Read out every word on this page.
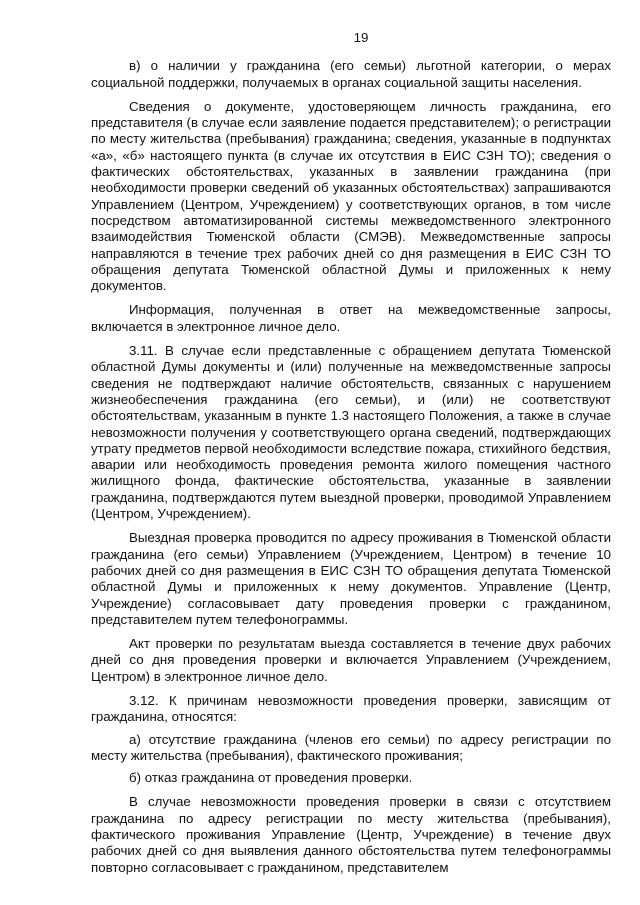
19

в) о наличии у гражданина (его семьи) льготной категории, о мерах социальной поддержки, получаемых в органах социальной защиты населения.

Сведения о документе, удостоверяющем личность гражданина, его представителя (в случае если заявление подается представителем); о регистрации по месту жительства (пребывания) гражданина; сведения, указанные в подпунктах «а», «б» настоящего пункта (в случае их отсутствия в ЕИС СЗН ТО); сведения о фактических обстоятельствах, указанных в заявлении гражданина (при необходимости проверки сведений об указанных обстоятельствах) запрашиваются Управлением (Центром, Учреждением) у соответствующих органов, в том числе посредством автоматизированной системы межведомственного электронного взаимодействия Тюменской области (СМЭВ). Межведомственные запросы направляются в течение трех рабочих дней со дня размещения в ЕИС СЗН ТО обращения депутата Тюменской областной Думы и приложенных к нему документов.

Информация, полученная в ответ на межведомственные запросы, включается в электронное личное дело.

3.11. В случае если представленные с обращением депутата Тюменской областной Думы документы и (или) полученные на межведомственные запросы сведения не подтверждают наличие обстоятельств, связанных с нарушением жизнеобеспечения гражданина (его семьи), и (или) не соответствуют обстоятельствам, указанным в пункте 1.3 настоящего Положения, а также в случае невозможности получения у соответствующего органа сведений, подтверждающих утрату предметов первой необходимости вследствие пожара, стихийного бедствия, аварии или необходимость проведения ремонта жилого помещения частного жилищного фонда, фактические обстоятельства, указанные в заявлении гражданина, подтверждаются путем выездной проверки, проводимой Управлением (Центром, Учреждением).

Выездная проверка проводится по адресу проживания в Тюменской области гражданина (его семьи) Управлением (Учреждением, Центром) в течение 10 рабочих дней со дня размещения в ЕИС СЗН ТО обращения депутата Тюменской областной Думы и приложенных к нему документов. Управление (Центр, Учреждение) согласовывает дату проведения проверки с гражданином, представителем путем телефонограммы.

Акт проверки по результатам выезда составляется в течение двух рабочих дней со дня проведения проверки и включается Управлением (Учреждением, Центром) в электронное личное дело.

3.12. К причинам невозможности проведения проверки, зависящим от гражданина, относятся:

а) отсутствие гражданина (членов его семьи) по адресу регистрации по месту жительства (пребывания), фактического проживания;

б) отказ гражданина от проведения проверки.

В случае невозможности проведения проверки в связи с отсутствием гражданина по адресу регистрации по месту жительства (пребывания), фактического проживания Управление (Центр, Учреждение) в течение двух рабочих дней со дня выявления данного обстоятельства путем телефонограммы повторно согласовывает с гражданином, представителем
